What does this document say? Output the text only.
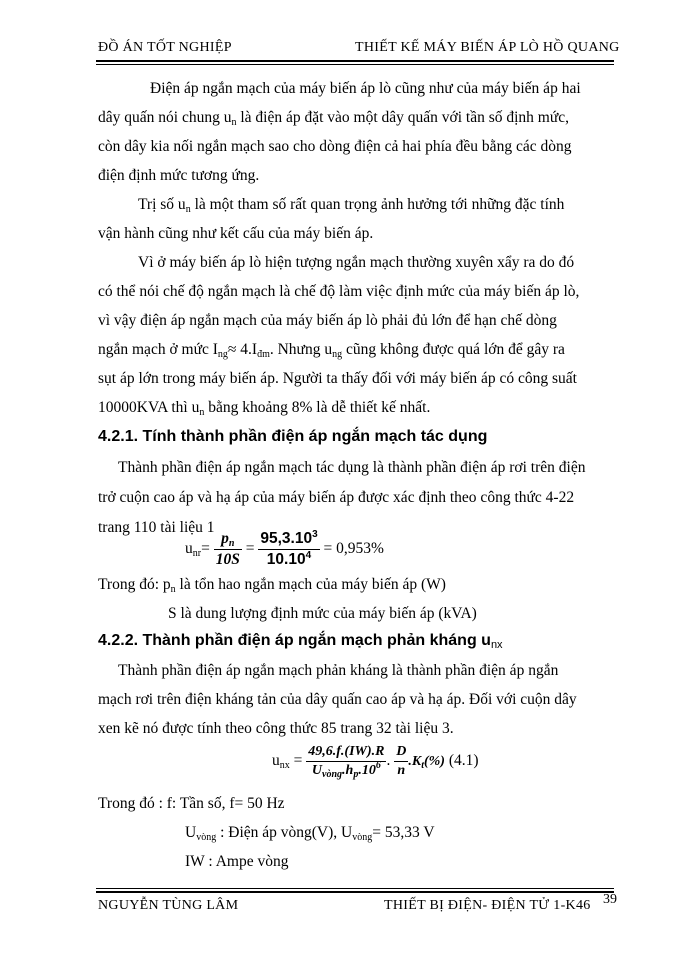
ĐỒ ÁN TỐT NGHIỆP	THIẾT KẾ MÁY BIẾN ÁP LÒ HỒ QUANG
Điện áp ngắn mạch của máy biến áp lò cũng như của máy biến áp hai
dây quấn nói chung $u_n$ là điện áp đặt vào một dây quấn với tần số định mức,
còn dây kia nối ngắn mạch sao cho dòng điện cả hai phía đều bằng các dòng
điện định mức tương ứng.
Trị số $u_n$ là một tham số rất quan trọng ảnh hưởng tới những đặc tính
vận hành cũng như kết cấu của máy biến áp.
Vì ở máy biến áp lò hiện tượng ngắn mạch thường xuyên xẩy ra do đó
có thể nói chế độ ngắn mạch là chế độ làm việc định mức của máy biến áp lò,
vì vậy điện áp ngắn mạch của máy biến áp lò phải đủ lớn để hạn chế dòng
ngắn mạch ở mức $I_{ng}\approx 4.I_{đm}$. Nhưng $u_{ng}$ cũng không được quá lớn để gây ra
sụt áp lớn trong máy biến áp. Người ta thấy đối với máy biến áp có công suất
10000KVA thì $u_n$ bằng khoảng 8% là dễ thiết kế nhất.
4.2.1. Tính thành phần điện áp ngắn mạch tác dụng
Thành phần điện áp ngắn mạch tác dụng là thành phần điện áp rơi trên điện
trở cuộn cao áp và hạ áp của máy biến áp được xác định theo công thức 4-22
trang 110 tài liệu 1
$u_{nr}= \frac{p_n}{10S} = \frac{95,3.10^3}{10.10^4} = 0,953\%$
Trong đó: $p_n$ là tổn hao ngắn mạch của máy biến áp (W)
S là dung lượng định mức của máy biến áp (kVA)
4.2.2. Thành phần điện áp ngắn mạch phản kháng $u_{nx}$
Thành phần điện áp ngắn mạch phản kháng là thành phần điện áp ngắn
mạch rơi trên điện kháng tản của dây quấn cao áp và hạ áp. Đối với cuộn dây
xen kẽ nó được tính theo công thức 85 trang 32 tài liệu 3.
$u_{nx} = \frac{49,6.f.(IW).R}{U_{vòng}.h_p.10^6}$ . $\frac{D}{n} .K_t(\%)$ (4.1)
Trong đó : f: Tần số, f= 50 Hz
$U_{vòng}$ : Điện áp vòng(V), $U_{vòng}= 53,33$ V
IW : Ampe vòng
NGUYỄN TÙNG LÂM	THIẾT BỊ ĐIỆN- ĐIỆN TỬ 1-K46 39
